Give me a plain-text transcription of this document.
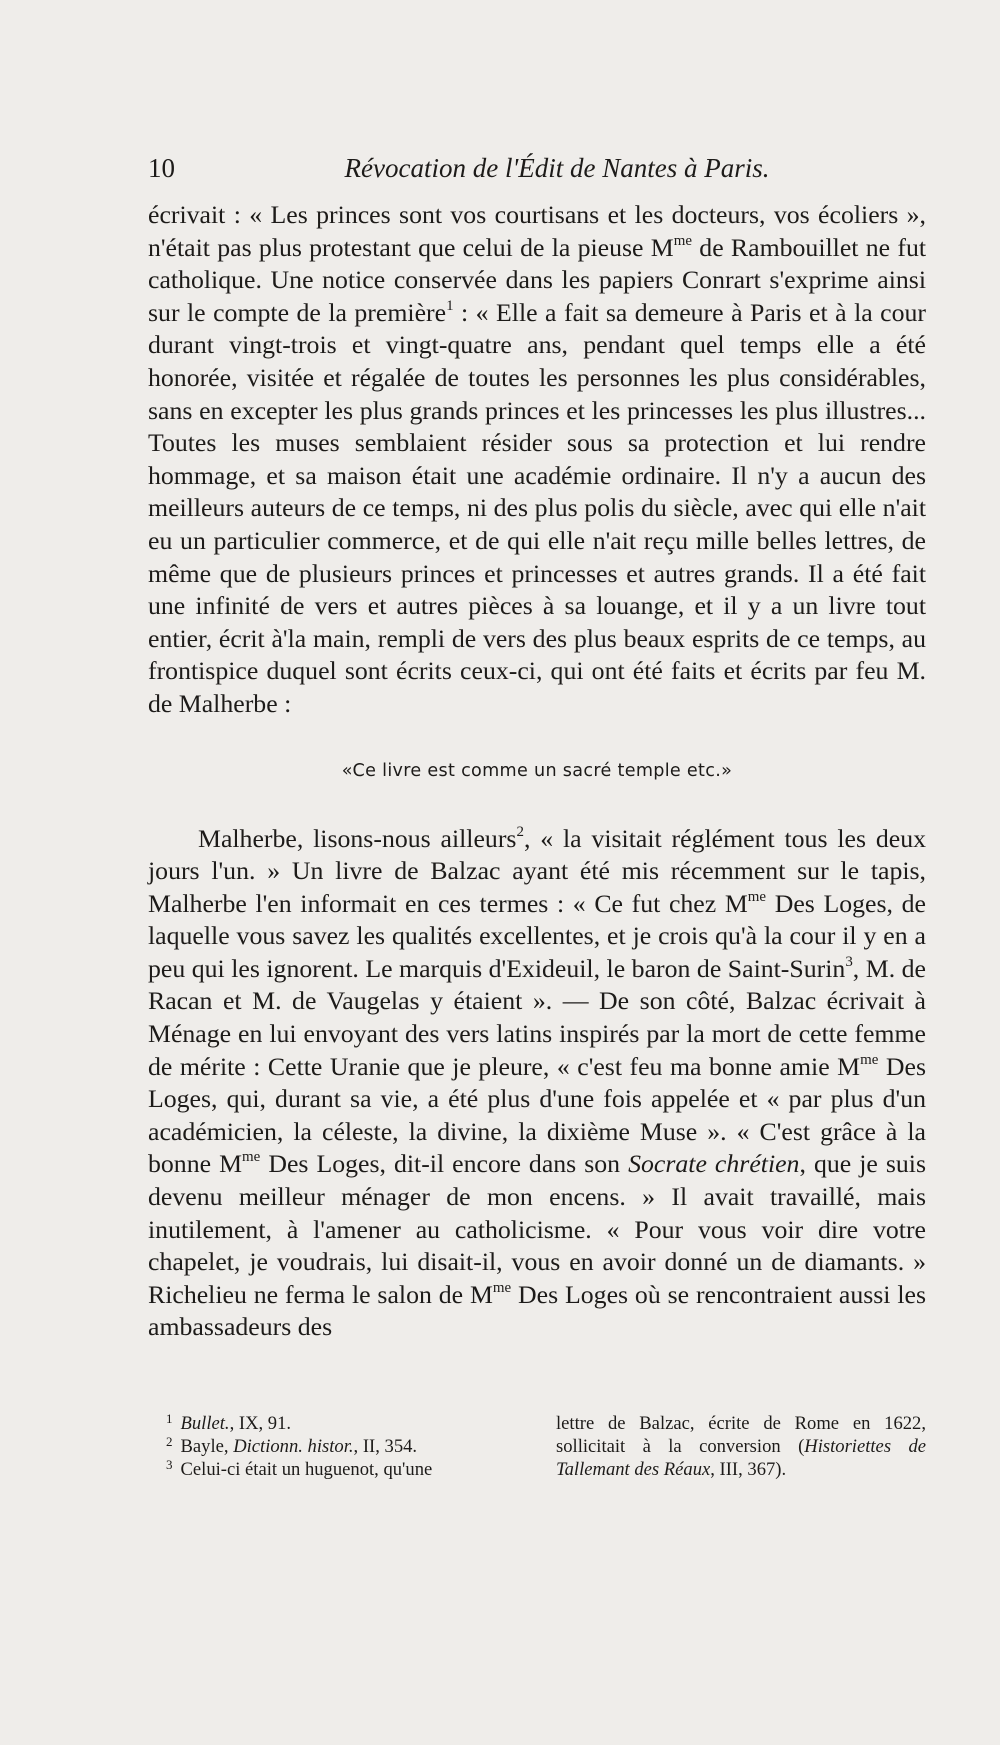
10	Révocation de l'Édit de Nantes à Paris.

écrivait : « Les princes sont vos courtisans et les docteurs, vos écoliers », n'était pas plus protestant que celui de la pieuse $M^{me}$ de Rambouillet ne fut catholique. Une notice conservée dans les papiers Conrart s'exprime ainsi sur le compte de la première$^1$ : « Elle a fait sa demeure à Paris et à la cour durant vingt-trois et vingt-quatre ans, pendant quel temps elle a été honorée, visitée et régalée de toutes les personnes les plus considérables, sans en excepter les plus grands princes et les princesses les plus illustres... Toutes les muses semblaient résider sous sa protection et lui rendre hommage, et sa maison était une académie ordinaire. Il n'y a aucun des meilleurs auteurs de ce temps, ni des plus polis du siècle, avec qui elle n'ait eu un particulier commerce, et de qui elle n'ait reçu mille belles lettres, de même que de plusieurs princes et princesses et autres grands. Il a été fait une infinité de vers et autres pièces à sa louange, et il y a un livre tout entier, écrit à'la main, rempli de vers des plus beaux esprits de ce temps, au frontispice duquel sont écrits ceux-ci, qui ont été faits et écrits par feu M. de Malherbe :

«Ce livre est comme un sacré temple etc.»

Malherbe, lisons-nous ailleurs$^2$, « la visitait réglément tous les deux jours l'un. » Un livre de Balzac ayant été mis récemment sur le tapis, Malherbe l'en informait en ces termes : « Ce fut chez $M^{me}$ Des Loges, de laquelle vous savez les qualités excellentes, et je crois qu'à la cour il y en a peu qui les ignorent. Le marquis d'Exideuil, le baron de Saint-Surin$^3$, M. de Racan et M. de Vaugelas y étaient ». — De son côté, Balzac écrivait à Ménage en lui envoyant des vers latins inspirés par la mort de cette femme de mérite : Cette Uranie que je pleure, « c'est feu ma bonne amie $M^{me}$ Des Loges, qui, durant sa vie, a été plus d'une fois appelée et « par plus d'un académicien, la céleste, la divine, la dixième Muse ». « C'est grâce à la bonne $M^{me}$ Des Loges, dit-il encore dans son Socrate chrétien, que je suis devenu meilleur ménager de mon encens. » Il avait travaillé, mais inutilement, à l'amener au catholicisme. « Pour vous voir dire votre chapelet, je voudrais, lui disait-il, vous en avoir donné un de diamants. » Richelieu ne ferma le salon de $M^{me}$ Des Loges où se rencontraient aussi les ambassadeurs des

$^1$ Bullet., IX, 91.
$^2$ Bayle, Dictionn. histor., II, 354.
$^3$ Celui-ci était un huguenot, qu'une
lettre de Balzac, écrite de Rome en 1622, sollicitait à la conversion (Historiettes de Tallemant des Réaux, III, 367).
